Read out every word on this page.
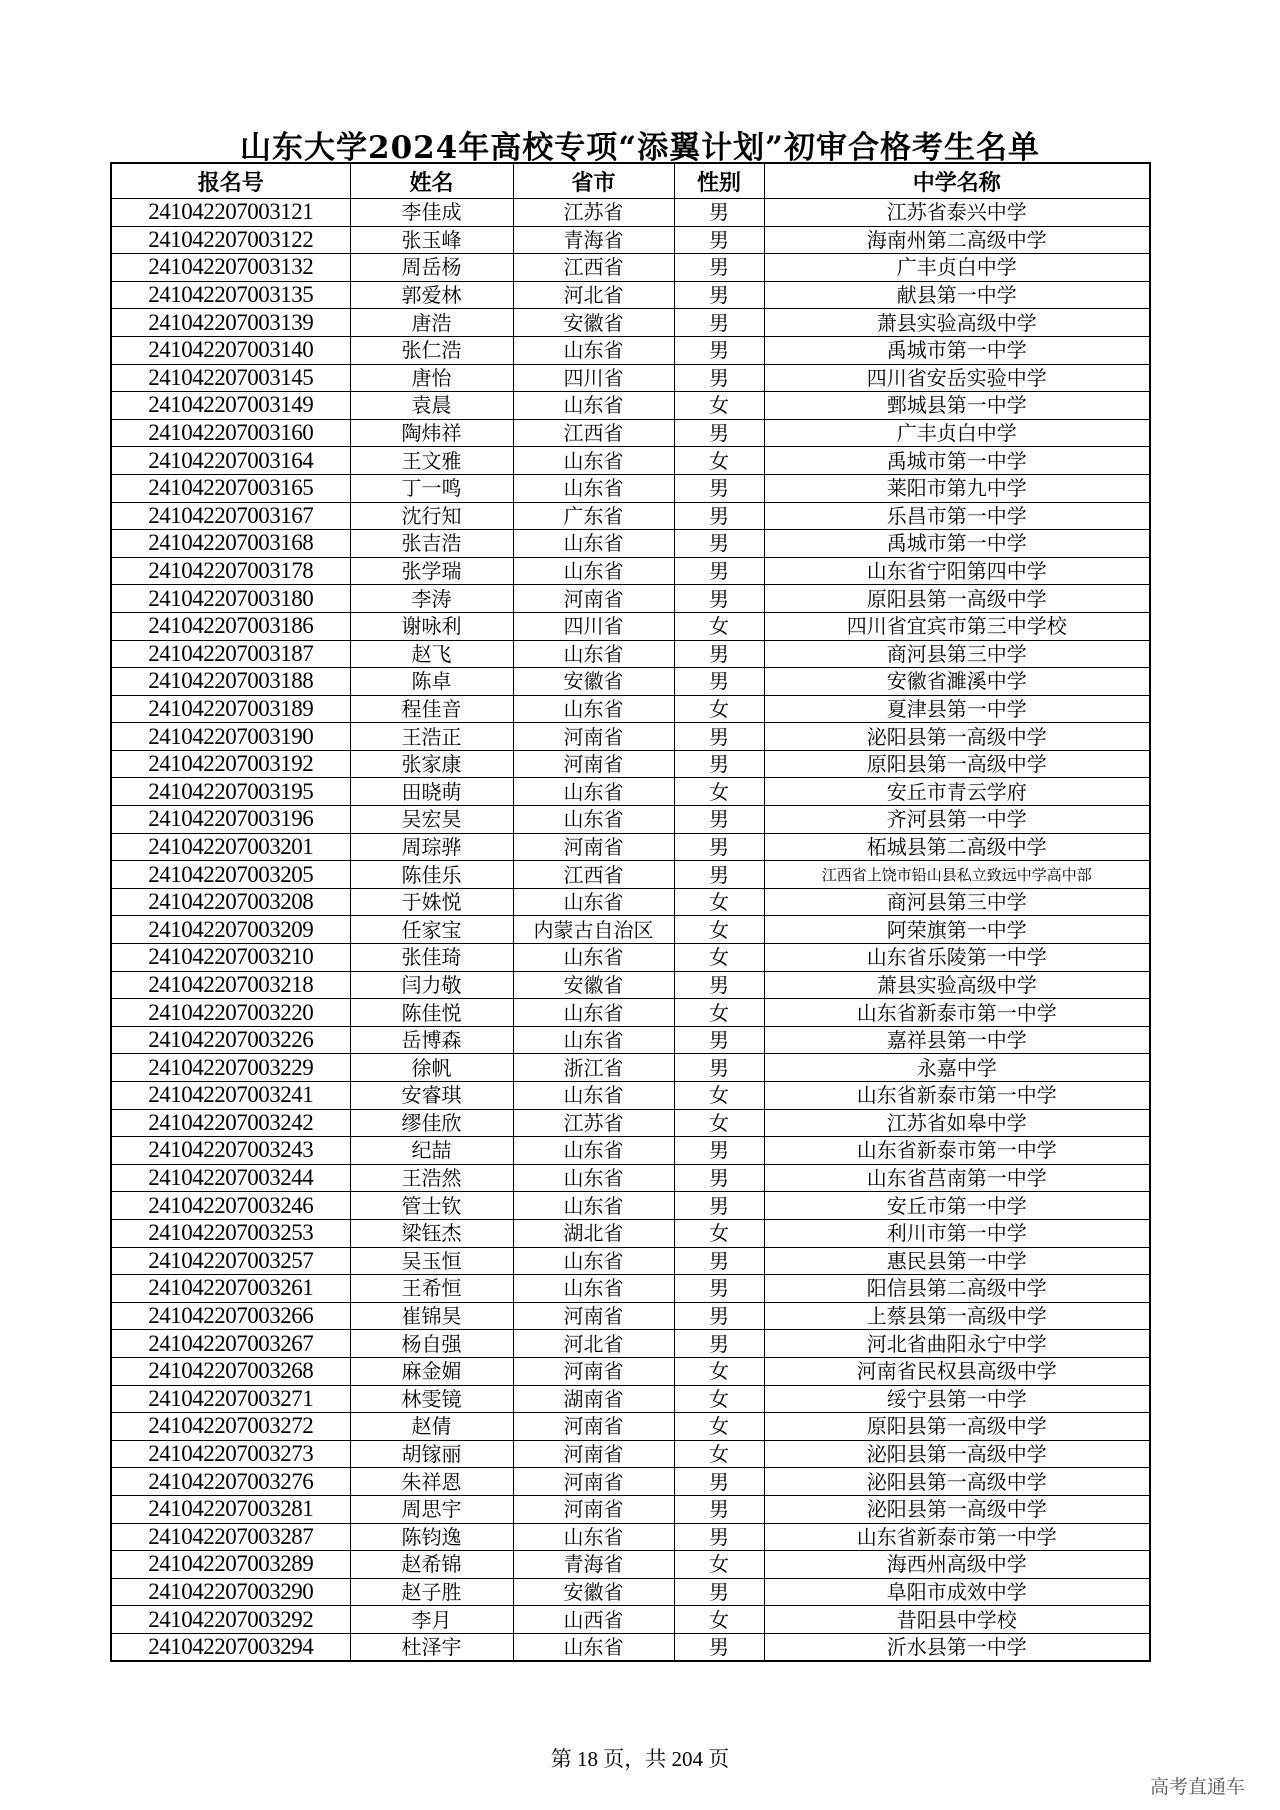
山东大学2024年高校专项“添翼计划”初审合格考生名单
报名号	姓名	省市	性别	中学名称
241042207003121	李佳成	江苏省	男	江苏省泰兴中学
241042207003122	张玉峰	青海省	男	海南州第二高级中学
241042207003132	周岳杨	江西省	男	广丰贞白中学
241042207003135	郭爱林	河北省	男	献县第一中学
241042207003139	唐浩	安徽省	男	萧县实验高级中学
241042207003140	张仁浩	山东省	男	禹城市第一中学
241042207003145	唐怡	四川省	男	四川省安岳实验中学
241042207003149	袁晨	山东省	女	鄄城县第一中学
241042207003160	陶炜祥	江西省	男	广丰贞白中学
241042207003164	王文雅	山东省	女	禹城市第一中学
241042207003165	丁一鸣	山东省	男	莱阳市第九中学
241042207003167	沈行知	广东省	男	乐昌市第一中学
241042207003168	张吉浩	山东省	男	禹城市第一中学
241042207003178	张学瑞	山东省	男	山东省宁阳第四中学
241042207003180	李涛	河南省	男	原阳县第一高级中学
241042207003186	谢咏利	四川省	女	四川省宜宾市第三中学校
241042207003187	赵飞	山东省	男	商河县第三中学
241042207003188	陈卓	安徽省	男	安徽省濉溪中学
241042207003189	程佳音	山东省	女	夏津县第一中学
241042207003190	王浩正	河南省	男	泌阳县第一高级中学
241042207003192	张家康	河南省	男	原阳县第一高级中学
241042207003195	田晓萌	山东省	女	安丘市青云学府
241042207003196	吴宏昊	山东省	男	齐河县第一中学
241042207003201	周琮骅	河南省	男	柘城县第二高级中学
241042207003205	陈佳乐	江西省	男	江西省上饶市铅山县私立致远中学高中部
241042207003208	于姝悦	山东省	女	商河县第三中学
241042207003209	任家宝	内蒙古自治区	女	阿荣旗第一中学
241042207003210	张佳琦	山东省	女	山东省乐陵第一中学
241042207003218	闫力敬	安徽省	男	萧县实验高级中学
241042207003220	陈佳悦	山东省	女	山东省新泰市第一中学
241042207003226	岳博森	山东省	男	嘉祥县第一中学
241042207003229	徐帆	浙江省	男	永嘉中学
241042207003241	安睿琪	山东省	女	山东省新泰市第一中学
241042207003242	缪佳欣	江苏省	女	江苏省如皋中学
241042207003243	纪喆	山东省	男	山东省新泰市第一中学
241042207003244	王浩然	山东省	男	山东省莒南第一中学
241042207003246	管士钦	山东省	男	安丘市第一中学
241042207003253	梁钰杰	湖北省	女	利川市第一中学
241042207003257	吴玉恒	山东省	男	惠民县第一中学
241042207003261	王希恒	山东省	男	阳信县第二高级中学
241042207003266	崔锦昊	河南省	男	上蔡县第一高级中学
241042207003267	杨自强	河北省	男	河北省曲阳永宁中学
241042207003268	麻金媚	河南省	女	河南省民权县高级中学
241042207003271	林雯镜	湖南省	女	绥宁县第一中学
241042207003272	赵倩	河南省	女	原阳县第一高级中学
241042207003273	胡镓丽	河南省	女	泌阳县第一高级中学
241042207003276	朱祥恩	河南省	男	泌阳县第一高级中学
241042207003281	周思宇	河南省	男	泌阳县第一高级中学
241042207003287	陈钧逸	山东省	男	山东省新泰市第一中学
241042207003289	赵希锦	青海省	女	海西州高级中学
241042207003290	赵子胜	安徽省	男	阜阳市成效中学
241042207003292	李月	山西省	女	昔阳县中学校
241042207003294	杜泽宇	山东省	男	沂水县第一中学
第 18 页，共 204 页
高考直通车
